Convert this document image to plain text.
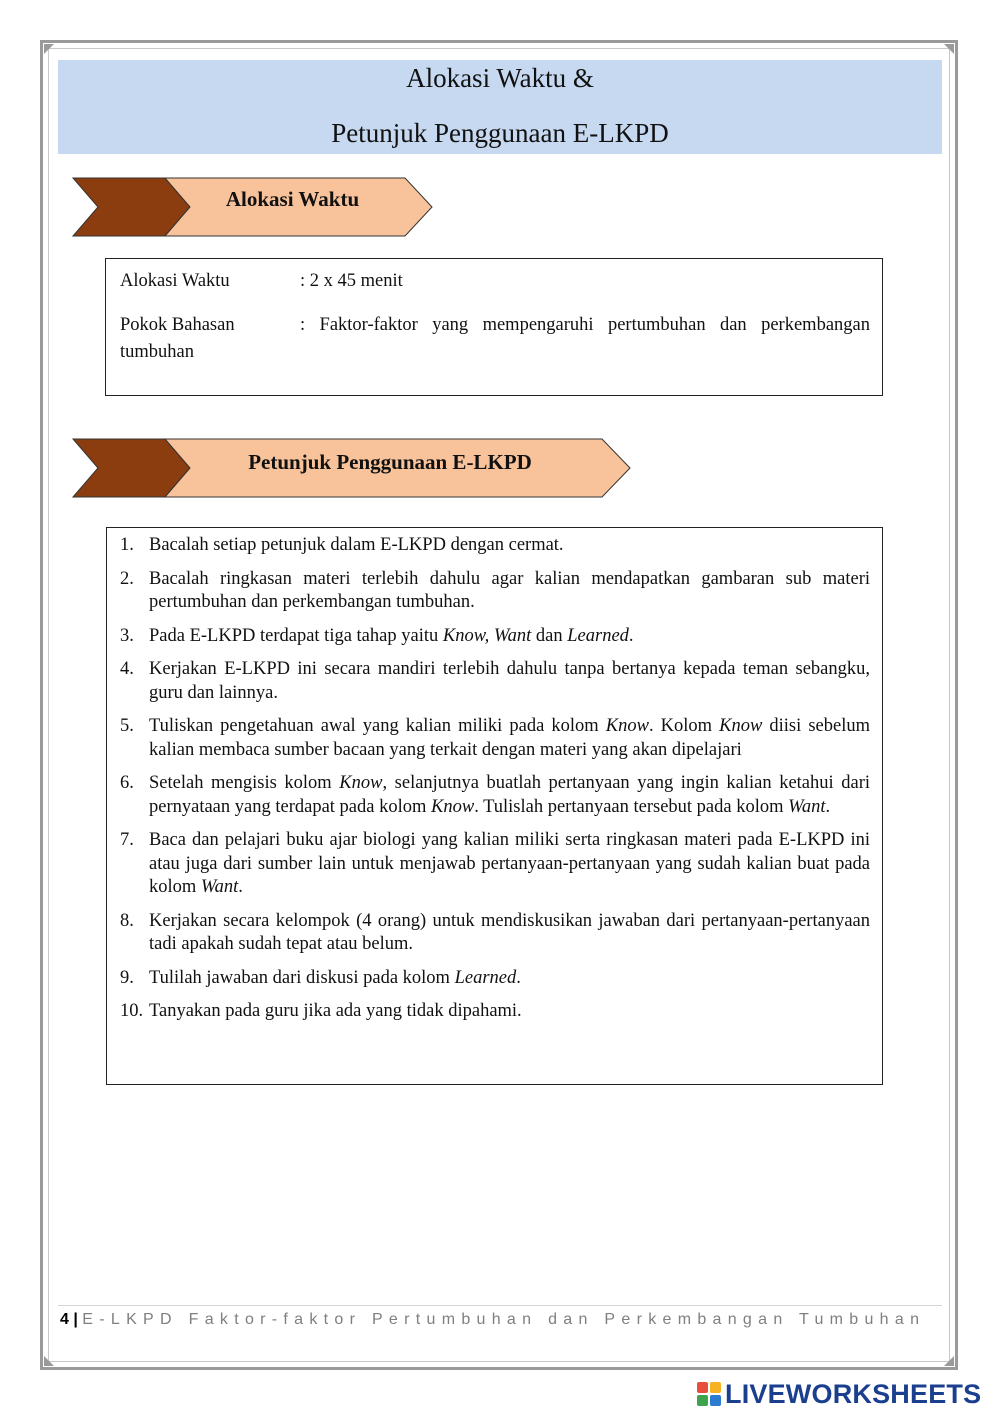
Alokasi Waktu &
Petunjuk Penggunaan E-LKPD
Alokasi Waktu
Alokasi Waktu	: 2 x 45 menit
Pokok Bahasan	: Faktor-faktor yang mempengaruhi pertumbuhan dan perkembangan
tumbuhan
Petunjuk Penggunaan E-LKPD
1. Bacalah setiap petunjuk dalam E-LKPD dengan cermat.
2. Bacalah ringkasan materi terlebih dahulu agar kalian mendapatkan gambaran sub materi pertumbuhan dan perkembangan tumbuhan.
3. Pada E-LKPD terdapat tiga tahap yaitu Know, Want dan Learned.
4. Kerjakan E-LKPD ini secara mandiri terlebih dahulu tanpa bertanya kepada teman sebangku, guru dan lainnya.
5. Tuliskan pengetahuan awal yang kalian miliki pada kolom Know. Kolom Know diisi sebelum kalian membaca sumber bacaan yang terkait dengan materi yang akan dipelajari
6. Setelah mengisis kolom Know, selanjutnya buatlah pertanyaan yang ingin kalian ketahui dari pernyataan yang terdapat pada kolom Know. Tulislah pertanyaan tersebut pada kolom Want.
7. Baca dan pelajari buku ajar biologi yang kalian miliki serta ringkasan materi pada E-LKPD ini atau juga dari sumber lain untuk menjawab pertanyaan-pertanyaan yang sudah kalian buat pada kolom Want.
8. Kerjakan secara kelompok (4 orang) untuk mendiskusikan jawaban dari pertanyaan-pertanyaan tadi apakah sudah tepat atau belum.
9. Tulilah jawaban dari diskusi pada kolom Learned.
10. Tanyakan pada guru jika ada yang tidak dipahami.
4 | E-LKPD Faktor-faktor Pertumbuhan dan Perkembangan Tumbuhan
LIVEWORKSHEETS
